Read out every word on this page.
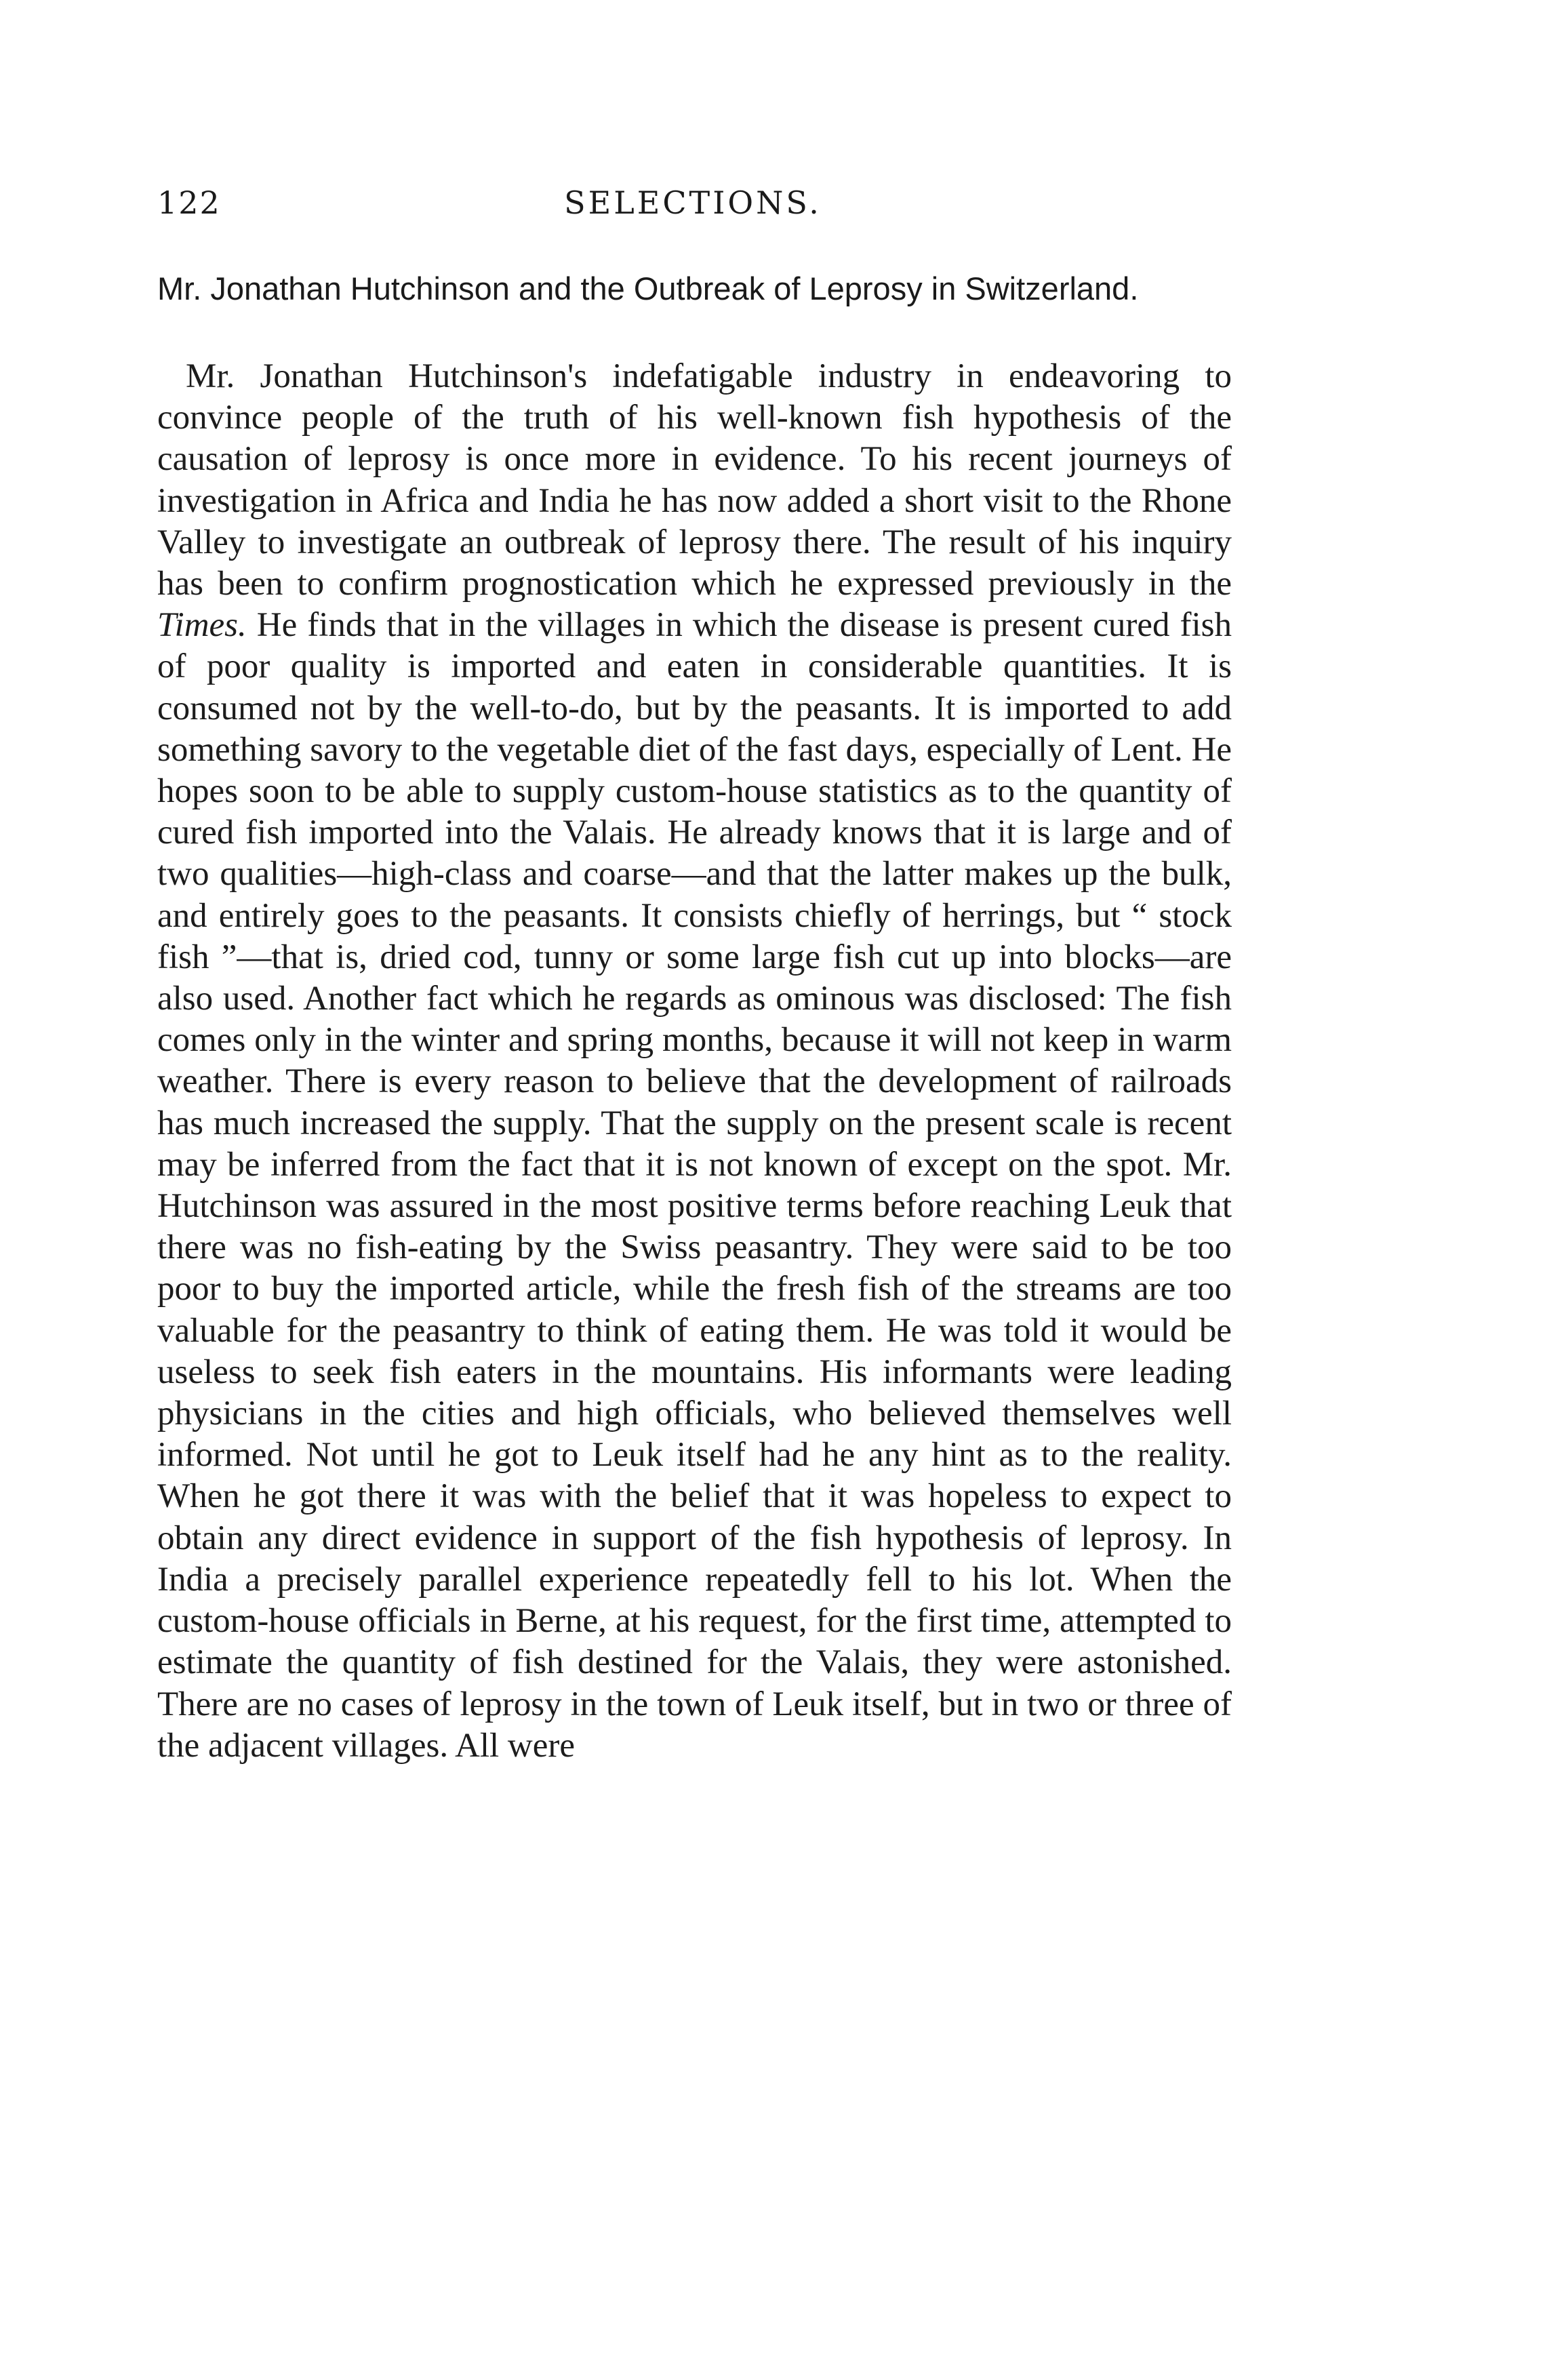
122	SELECTIONS.
Mr. Jonathan Hutchinson and the Outbreak of Leprosy in Switzerland.

Mr. Jonathan Hutchinson's indefatigable industry in endeavoring to convince people of the truth of his well-known fish hypothesis of the causation of leprosy is once more in evidence. To his recent journeys of investigation in Africa and India he has now added a short visit to the Rhone Valley to investigate an outbreak of leprosy there. The result of his inquiry has been to confirm prognostication which he expressed previously in the Times. He finds that in the villages in which the disease is present cured fish of poor quality is imported and eaten in considerable quantities. It is consumed not by the well-to-do, but by the peasants. It is imported to add something savory to the vegetable diet of the fast days, especially of Lent. He hopes soon to be able to supply custom-house statistics as to the quantity of cured fish imported into the Valais. He already knows that it is large and of two qualities—high-class and coarse—and that the latter makes up the bulk, and entirely goes to the peasants. It consists chiefly of herrings, but “ stock fish ”—that is, dried cod, tunny or some large fish cut up into blocks—are also used. Another fact which he regards as ominous was disclosed: The fish comes only in the winter and spring months, because it will not keep in warm weather. There is every reason to believe that the development of railroads has much increased the supply. That the supply on the present scale is recent may be inferred from the fact that it is not known of except on the spot. Mr. Hutchinson was assured in the most positive terms before reaching Leuk that there was no fish-eating by the Swiss peasantry. They were said to be too poor to buy the imported article, while the fresh fish of the streams are too valuable for the peasantry to think of eating them. He was told it would be useless to seek fish eaters in the mountains. His informants were leading physicians in the cities and high officials, who believed themselves well informed. Not until he got to Leuk itself had he any hint as to the reality. When he got there it was with the belief that it was hopeless to expect to obtain any direct evidence in support of the fish hypothesis of leprosy. In India a precisely parallel experience repeatedly fell to his lot. When the custom-house officials in Berne, at his request, for the first time, attempted to estimate the quantity of fish destined for the Valais, they were astonished. There are no cases of leprosy in the town of Leuk itself, but in two or three of the adjacent villages. All were
